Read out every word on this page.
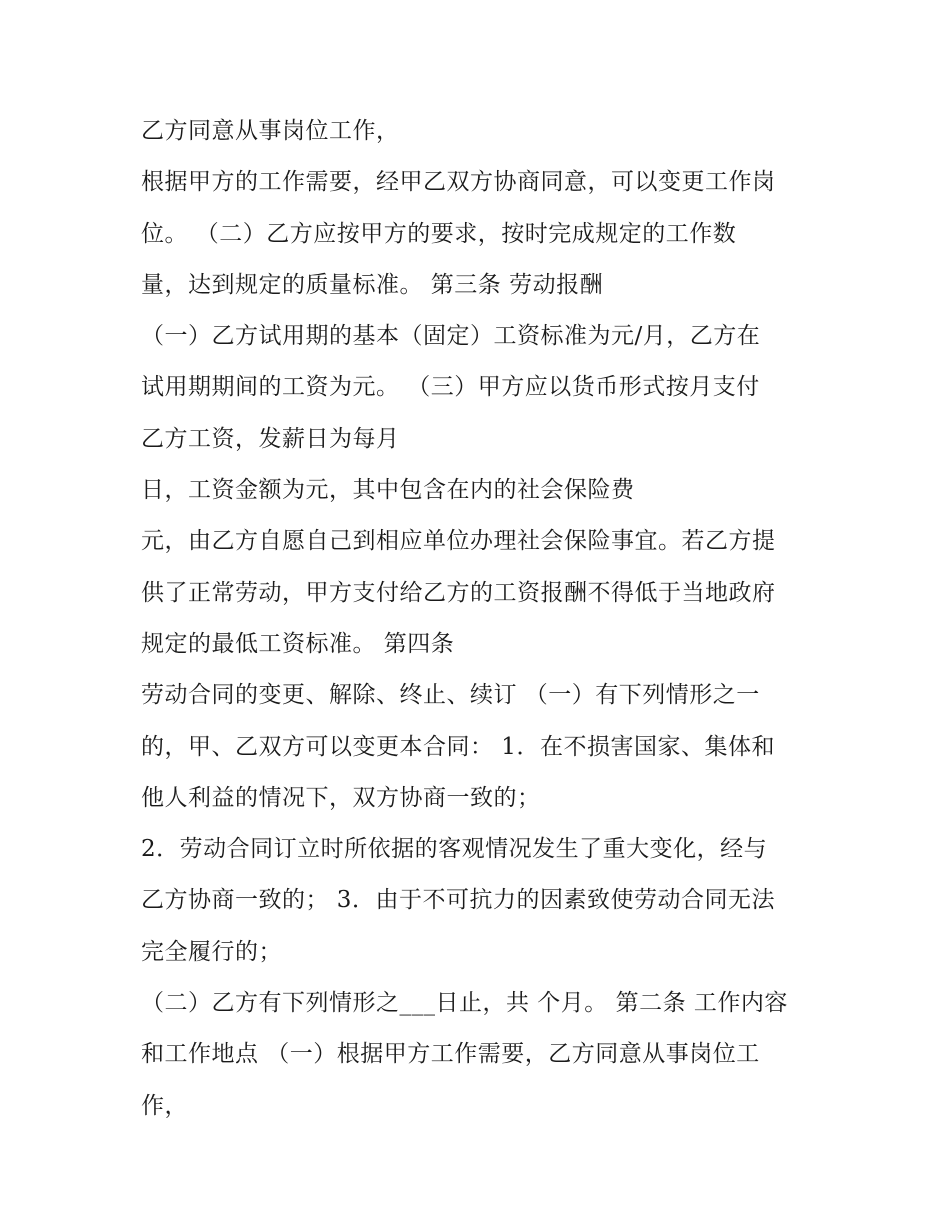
乙方同意从事岗位工作，
根据甲方的工作需要，经甲乙双方协商同意，可以变更工作岗
位。 （二）乙方应按甲方的要求，按时完成规定的工作数
量，达到规定的质量标准。 第三条 劳动报酬
（一）乙方试用期的基本（固定）工资标准为元/月，乙方在
试用期期间的工资为元。 （三）甲方应以货币形式按月支付
乙方工资，发薪日为每月
日，工资金额为元，其中包含在内的社会保险费
元，由乙方自愿自己到相应单位办理社会保险事宜。若乙方提
供了正常劳动，甲方支付给乙方的工资报酬不得低于当地政府
规定的最低工资标准。 第四条
劳动合同的变更、解除、终止、续订 （一）有下列情形之一
的，甲、乙双方可以变更本合同： 1．在不损害国家、集体和
他人利益的情况下，双方协商一致的；
2．劳动合同订立时所依据的客观情况发生了重大变化，经与
乙方协商一致的； 3．由于不可抗力的因素致使劳动合同无法
完全履行的；
（二）乙方有下列情形之___日止，共 个月。 第二条 工作内容
和工作地点 （一）根据甲方工作需要，乙方同意从事岗位工
作，
